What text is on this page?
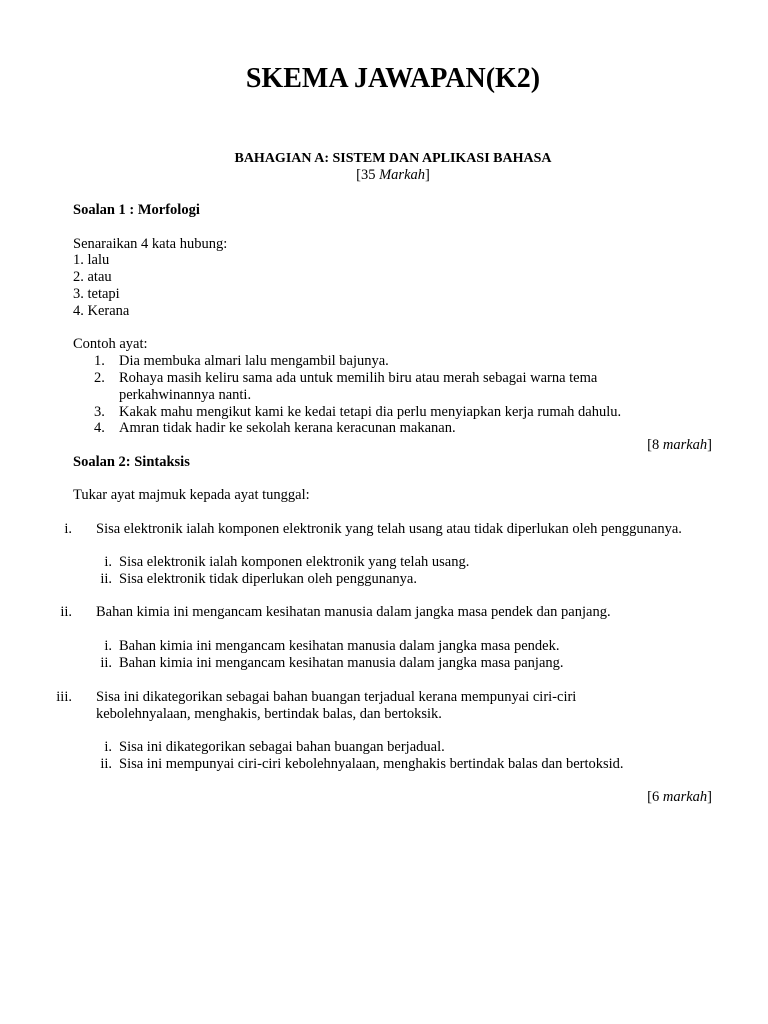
SKEMA JAWAPAN(K2)
BAHAGIAN A: SISTEM DAN APLIKASI BAHASA
[35 Markah]
Soalan 1 : Morfologi
Senaraikan 4 kata hubung:
1. lalu
2. atau
3. tetapi
4. Kerana
Contoh ayat:
1. Dia membuka almari lalu mengambil bajunya.
2. Rohaya masih keliru sama ada untuk memilih biru atau merah sebagai warna tema
perkahwinannya nanti.
3. Kakak mahu mengikut kami ke kedai tetapi dia perlu menyiapkan kerja rumah dahulu.
4. Amran tidak hadir ke sekolah kerana keracunan makanan.
[8 markah]
Soalan 2: Sintaksis
Tukar ayat majmuk kepada ayat tunggal:
i. Sisa elektronik ialah komponen elektronik yang telah usang atau tidak diperlukan oleh penggunanya.
i. Sisa elektronik ialah komponen elektronik yang telah usang.
ii. Sisa elektronik tidak diperlukan oleh penggunanya.
ii. Bahan kimia ini mengancam kesihatan manusia dalam jangka masa pendek dan panjang.
i. Bahan kimia ini mengancam kesihatan manusia dalam jangka masa pendek.
ii. Bahan kimia ini mengancam kesihatan manusia dalam jangka masa panjang.
iii. Sisa ini dikategorikan sebagai bahan buangan terjadual kerana mempunyai ciri-ciri
kebolehnyalaan, menghakis, bertindak balas, dan bertoksik.
i. Sisa ini dikategorikan sebagai bahan buangan berjadual.
ii. Sisa ini mempunyai ciri-ciri kebolehnyalaan, menghakis bertindak balas dan bertoksid.
[6 markah]
